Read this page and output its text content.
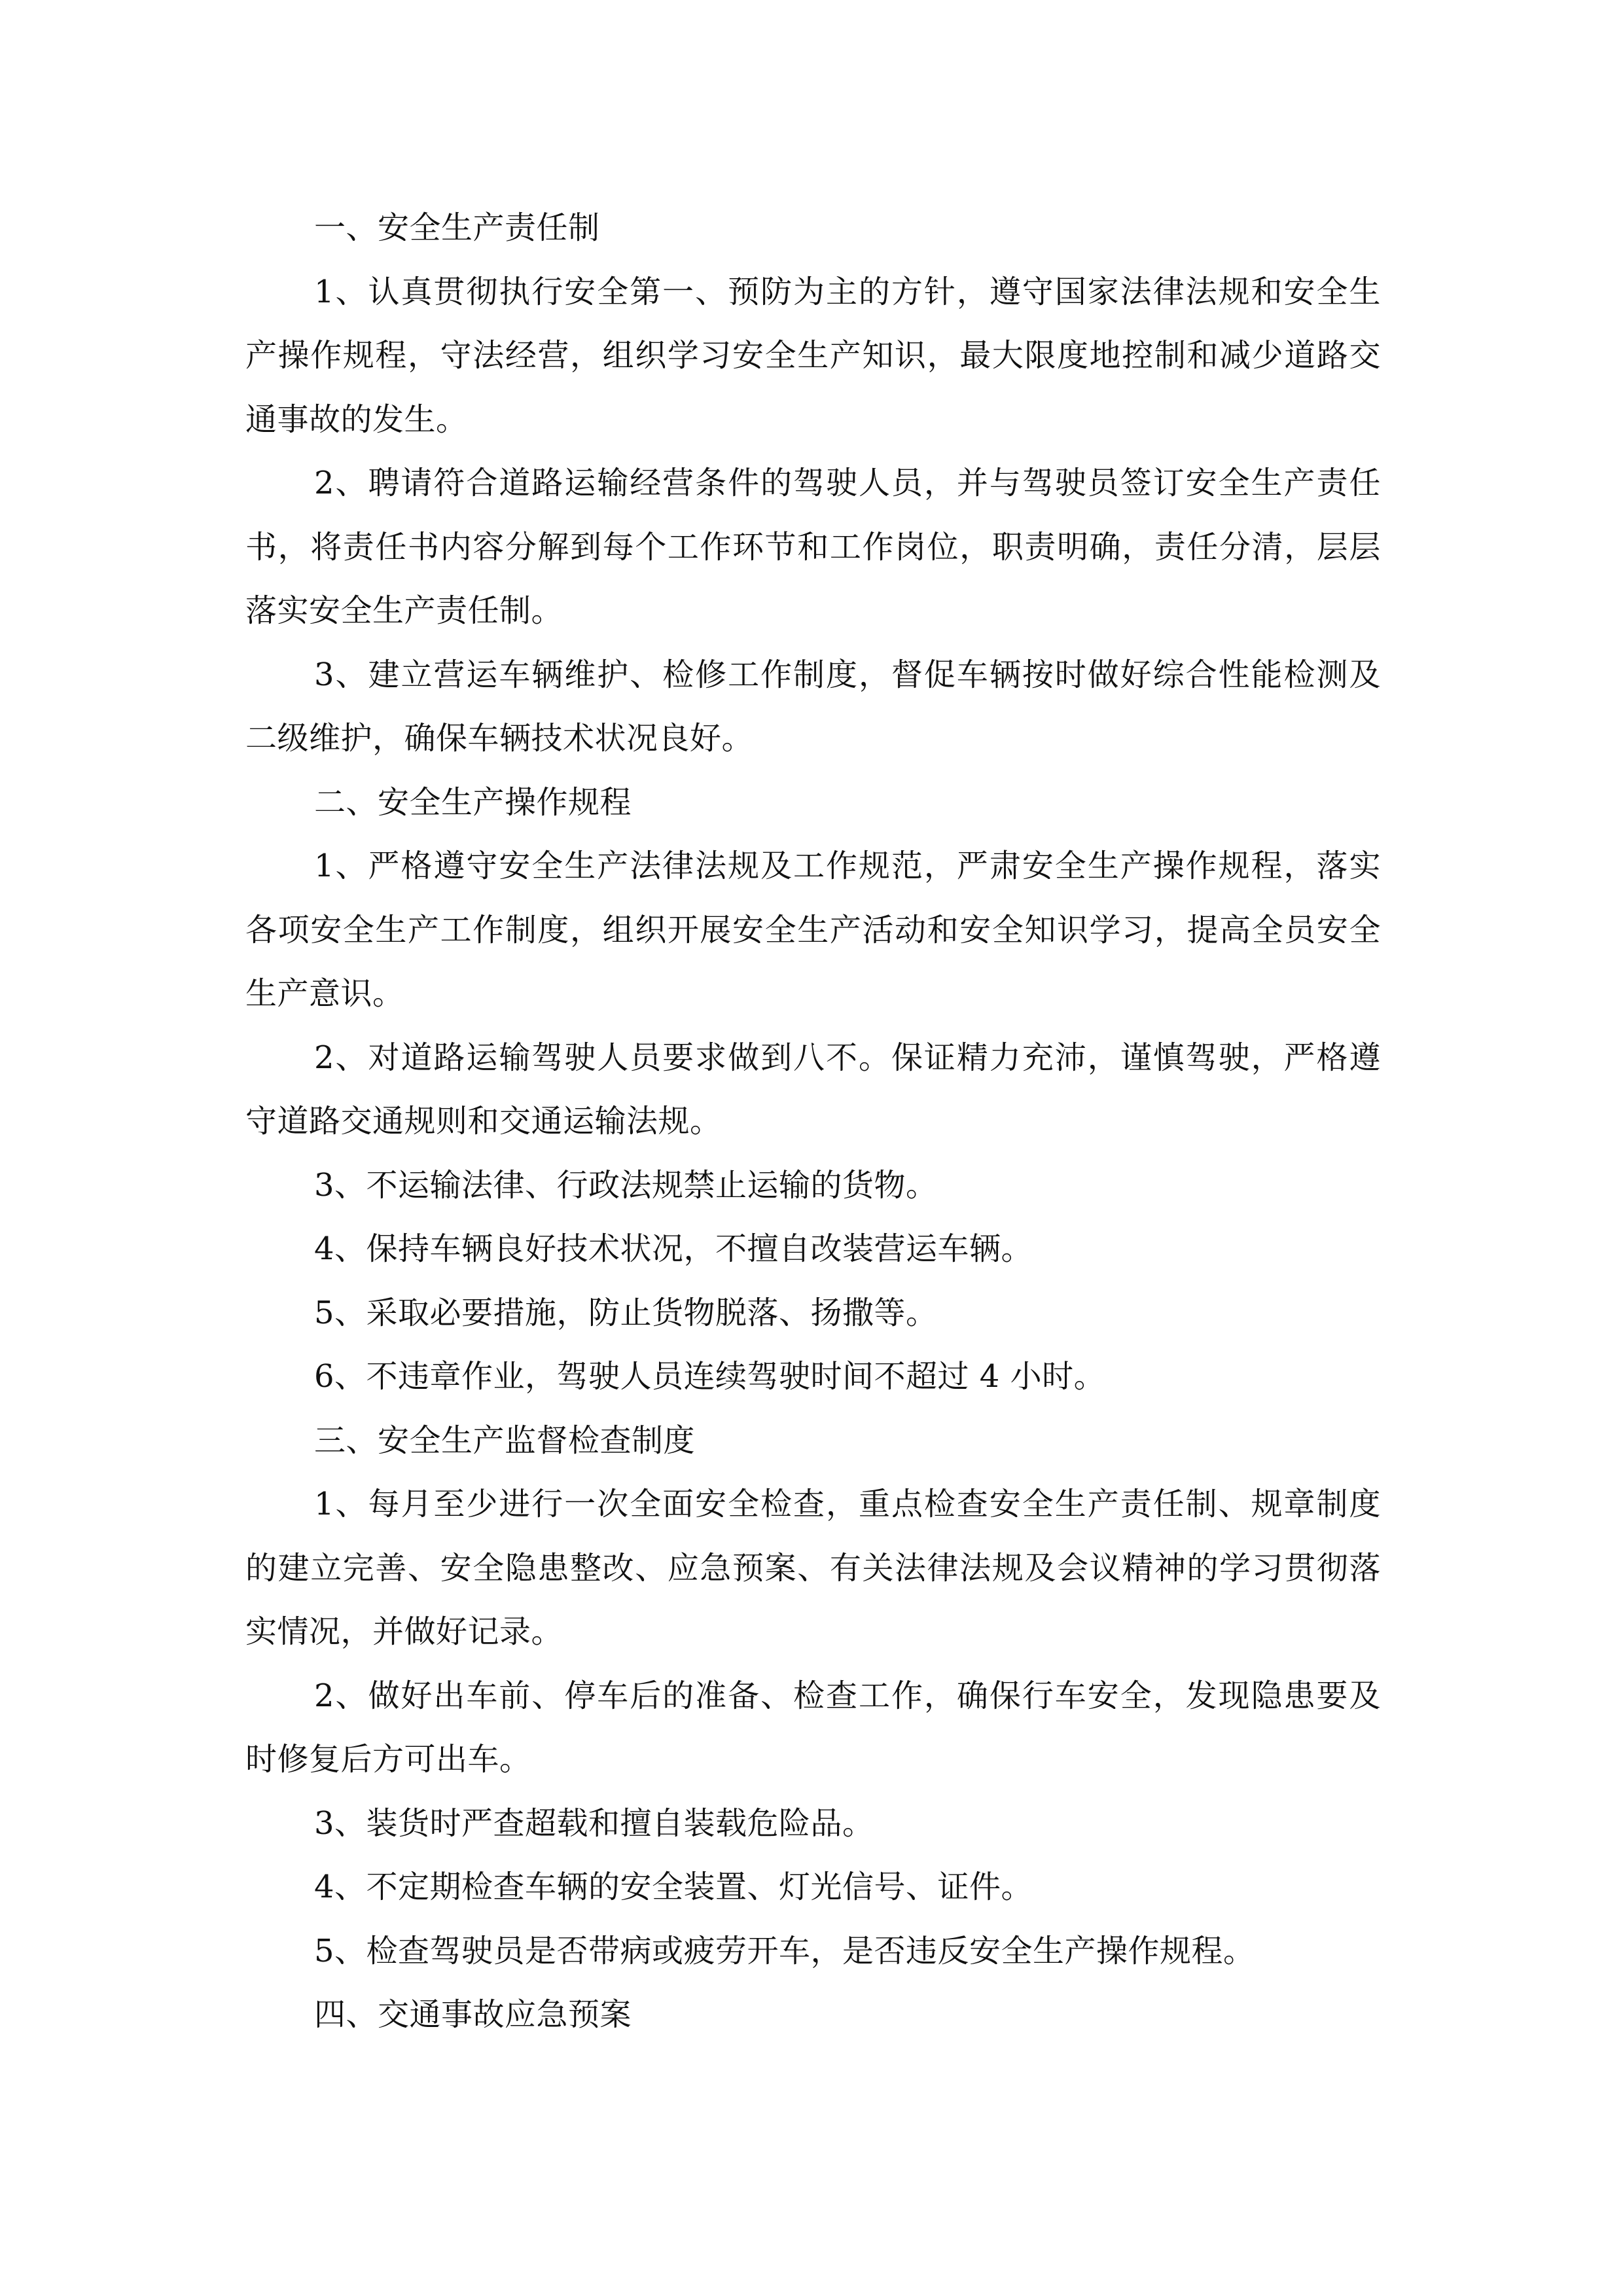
一、安全生产责任制

1、认真贯彻执行安全第一、预防为主的方针，遵守国家法律法规和安全生产操作规程，守法经营，组织学习安全生产知识，最大限度地控制和减少道路交通事故的发生。

2、聘请符合道路运输经营条件的驾驶人员，并与驾驶员签订安全生产责任书，将责任书内容分解到每个工作环节和工作岗位，职责明确，责任分清，层层落实安全生产责任制。

3、建立营运车辆维护、检修工作制度，督促车辆按时做好综合性能检测及二级维护，确保车辆技术状况良好。

二、安全生产操作规程

1、严格遵守安全生产法律法规及工作规范，严肃安全生产操作规程，落实各项安全生产工作制度，组织开展安全生产活动和安全知识学习，提高全员安全生产意识。

2、对道路运输驾驶人员要求做到八不。保证精力充沛，谨慎驾驶，严格遵守道路交通规则和交通运输法规。

3、不运输法律、行政法规禁止运输的货物。

4、保持车辆良好技术状况，不擅自改装营运车辆。

5、采取必要措施，防止货物脱落、扬撒等。

6、不违章作业，驾驶人员连续驾驶时间不超过 4 小时。

三、安全生产监督检查制度

1、每月至少进行一次全面安全检查，重点检查安全生产责任制、规章制度的建立完善、安全隐患整改、应急预案、有关法律法规及会议精神的学习贯彻落实情况，并做好记录。

2、做好出车前、停车后的准备、检查工作，确保行车安全，发现隐患要及时修复后方可出车。

3、装货时严查超载和擅自装载危险品。

4、不定期检查车辆的安全装置、灯光信号、证件。

5、检查驾驶员是否带病或疲劳开车，是否违反安全生产操作规程。

四、交通事故应急预案
